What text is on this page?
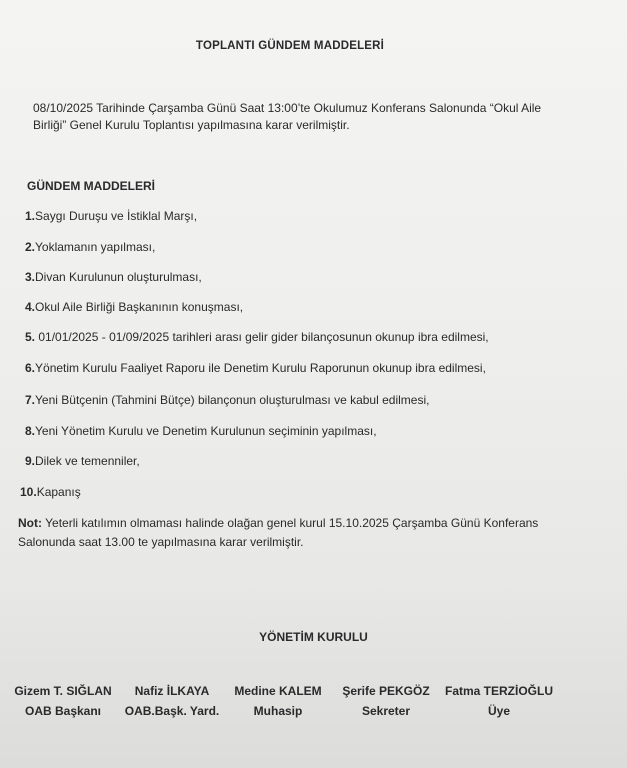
TOPLANTI GÜNDEM MADDELERİ
08/10/2025 Tarihinde Çarşamba Günü Saat 13:00’te Okulumuz Konferans Salonunda “Okul Aile Birliği” Genel Kurulu Toplantısı yapılmasına karar verilmiştir.
GÜNDEM MADDELERİ
1.Saygı Duruşu ve İstiklal Marşı,
2.Yoklamanın yapılması,
3.Divan Kurulunun oluşturulması,
4.Okul Aile Birliği Başkanının konuşması,
5. 01/01/2025 - 01/09/2025 tarihleri arası gelir gider bilançosunun okunup ibra edilmesi,
6.Yönetim Kurulu Faaliyet Raporu ile Denetim Kurulu Raporunun okunup ibra edilmesi,
7.Yeni Bütçenin (Tahmini Bütçe) bilançonun oluşturulması ve kabul edilmesi,
8.Yeni Yönetim Kurulu ve Denetim Kurulunun seçiminin yapılması,
9.Dilek ve temenniler,
10.Kapanış
Not: Yeterli katılımın olmaması halinde olağan genel kurul 15.10.2025 Çarşamba Günü Konferans Salonunda saat 13.00 te yapılmasına karar verilmiştir.
YÖNETİM KURULU
Gizem T. SIĞLAN
OAB Başkanı
Nafiz İLKAYA
OAB.Başk. Yard.
Medine KALEM
Muhasip
Şerife PEKGÖZ
Sekreter
Fatma TERZİOĞLU
Üye
